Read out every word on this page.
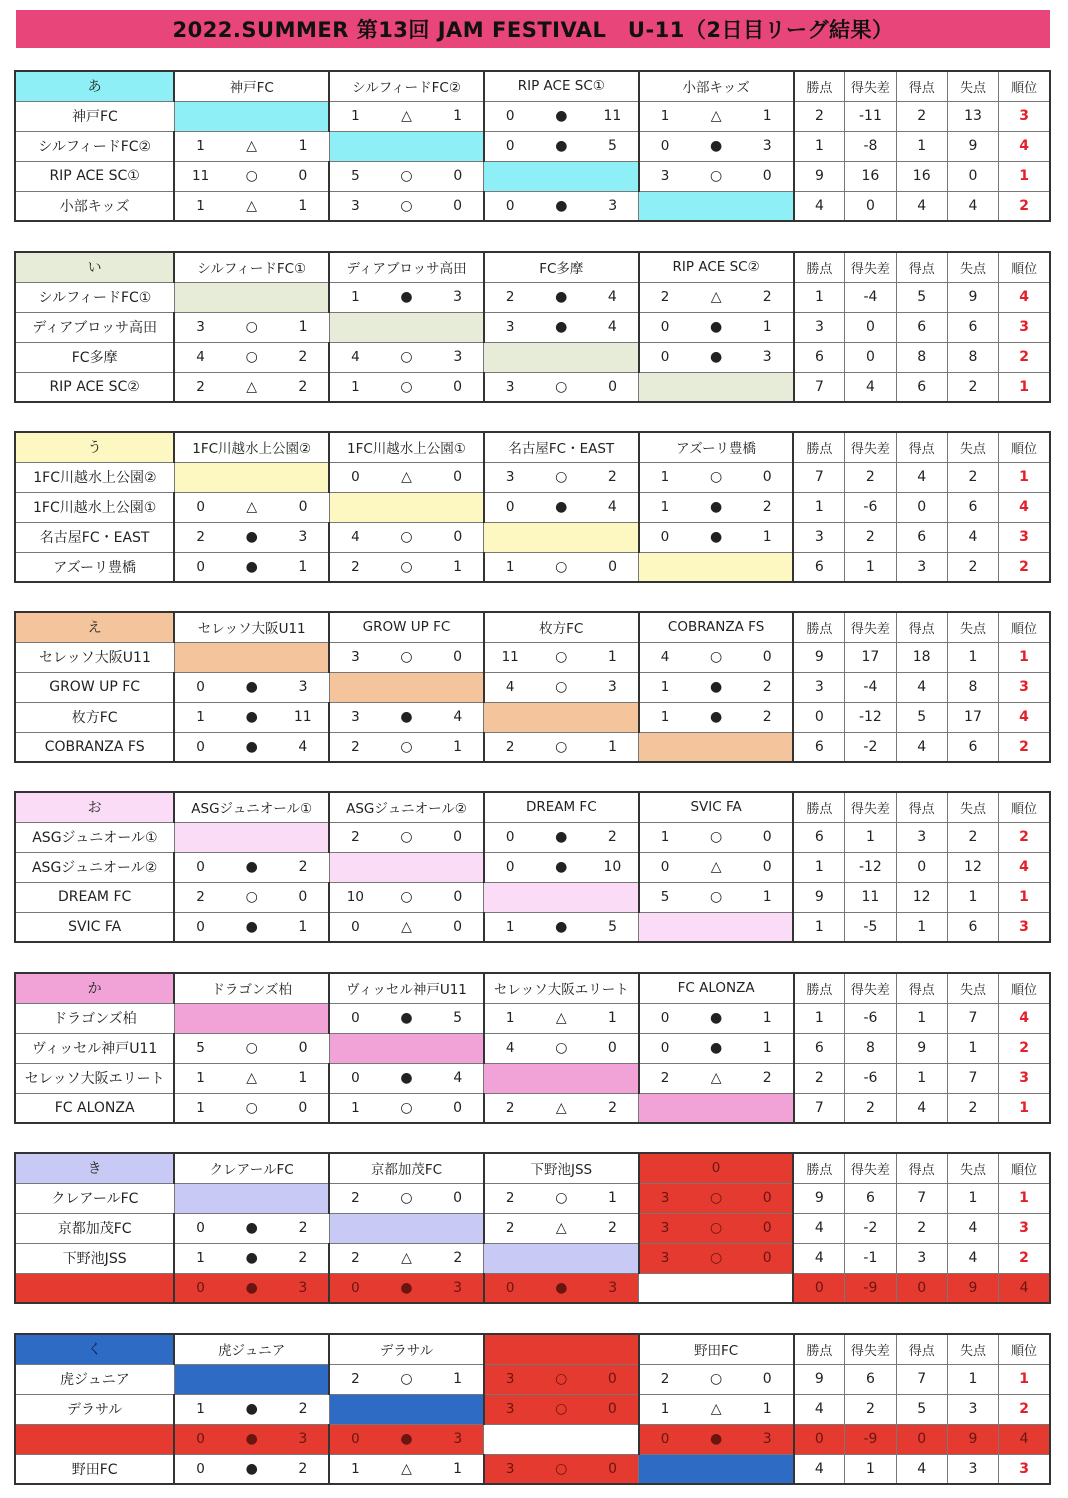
2022.SUMMER 第13回 JAM FESTIVAL　U-11（2日目リーグ結果）
あ	神戸FC			シルフィードFC②			RIP ACE SC①			小部キッズ			勝点	得失差	得点	失点	順位
神戸FC				1	△	1	0	●	11	1	△	1	2	-11	2	13	3
シルフィードFC②	1	△	1				0	●	5	0	●	3	1	-8	1	9	4
RIP ACE SC①	11	○	0	5	○	0				3	○	0	9	16	16	0	1
小部キッズ	1	△	1	3	○	0	0	●	3				4	0	4	4	2
い	シルフィードFC①			ディアブロッサ高田			FC多摩			RIP ACE SC②			勝点	得失差	得点	失点	順位
シルフィードFC①				1	●	3	2	●	4	2	△	2	1	-4	5	9	4
ディアブロッサ高田	3	○	1				3	●	4	0	●	1	3	0	6	6	3
FC多摩	4	○	2	4	○	3				0	●	3	6	0	8	8	2
RIP ACE SC②	2	△	2	1	○	0	3	○	0				7	4	6	2	1
う	1FC川越水上公園②			1FC川越水上公園①			名古屋FC・EAST			アズーリ豊橋			勝点	得失差	得点	失点	順位
1FC川越水上公園②				0	△	0	3	○	2	1	○	0	7	2	4	2	1
1FC川越水上公園①	0	△	0				0	●	4	1	●	2	1	-6	0	6	4
名古屋FC・EAST	2	●	3	4	○	0				0	●	1	3	2	6	4	3
アズーリ豊橋	0	●	1	2	○	1	1	○	0				6	1	3	2	2
え	セレッソ大阪U11			GROW UP FC			枚方FC			COBRANZA FS			勝点	得失差	得点	失点	順位
セレッソ大阪U11				3	○	0	11	○	1	4	○	0	9	17	18	1	1
GROW UP FC	0	●	3				4	○	3	1	●	2	3	-4	4	8	3
枚方FC	1	●	11	3	●	4				1	●	2	0	-12	5	17	4
COBRANZA FS	0	●	4	2	○	1	2	○	1				6	-2	4	6	2
お	ASGジュニオール①			ASGジュニオール②			DREAM FC			SVIC FA			勝点	得失差	得点	失点	順位
ASGジュニオール①				2	○	0	0	●	2	1	○	0	6	1	3	2	2
ASGジュニオール②	0	●	2				0	●	10	0	△	0	1	-12	0	12	4
DREAM FC	2	○	0	10	○	0				5	○	1	9	11	12	1	1
SVIC FA	0	●	1	0	△	0	1	●	5				1	-5	1	6	3
か	ドラゴンズ柏			ヴィッセル神戸U11			セレッソ大阪エリート			FC ALONZA			勝点	得失差	得点	失点	順位
ドラゴンズ柏				0	●	5	1	△	1	0	●	1	1	-6	1	7	4
ヴィッセル神戸U11	5	○	0				4	○	0	0	●	1	6	8	9	1	2
セレッソ大阪エリート	1	△	1	0	●	4				2	△	2	2	-6	1	7	3
FC ALONZA	1	○	0	1	○	0	2	△	2				7	2	4	2	1
き	クレアールFC			京都加茂FC			下野池JSS			0			勝点	得失差	得点	失点	順位
クレアールFC				2	○	0	2	○	1	3	○	0	9	6	7	1	1
京都加茂FC	0	●	2				2	△	2	3	○	0	4	-2	2	4	3
下野池JSS	1	●	2	2	△	2				3	○	0	4	-1	3	4	2
	0	●	3	0	●	3	0	●	3				0	-9	0	9	4
く	虎ジュニア			デラサル						野田FC			勝点	得失差	得点	失点	順位
虎ジュニア				2	○	1	3	○	0	2	○	0	9	6	7	1	1
デラサル	1	●	2				3	○	0	1	△	1	4	2	5	3	2
	0	●	3	0	●	3				0	●	3	0	-9	0	9	4
野田FC	0	●	2	1	△	1	3	○	0				4	1	4	3	3
